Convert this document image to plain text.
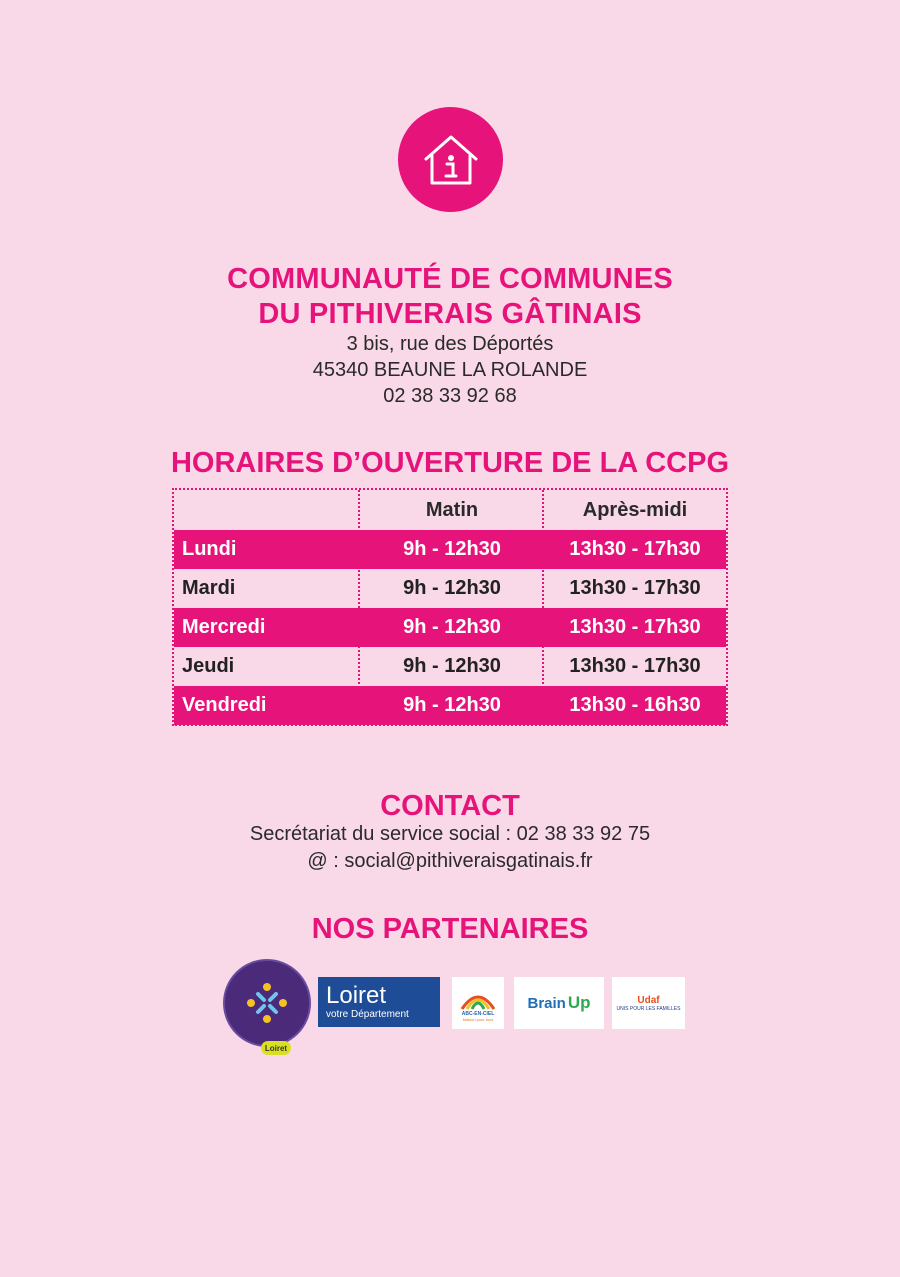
COMMUNAUTÉ DE COMMUNES
DU PITHIVERAIS GÂTINAIS
3 bis, rue des Déportés
45340 BEAUNE LA ROLANDE
02 38 33 92 68
HORAIRES D’OUVERTURE DE LA CCPG
Matin	Après-midi
Lundi	9h - 12h30	13h30 - 17h30
Mardi	9h - 12h30	13h30 - 17h30
Mercredi	9h - 12h30	13h30 - 17h30
Jeudi	9h - 12h30	13h30 - 17h30
Vendredi	9h - 12h30	13h30 - 16h30
CONTACT
Secrétariat du service social : 02 38 33 92 75
@ : social@pithiveraisgatinais.fr
NOS PARTENAIRES
Loiret
Loiret
votre Département	ABC-EN-CIEL
Maison pour tous
Brain Up	Udaf
UNIS POUR LES FAMILLES
